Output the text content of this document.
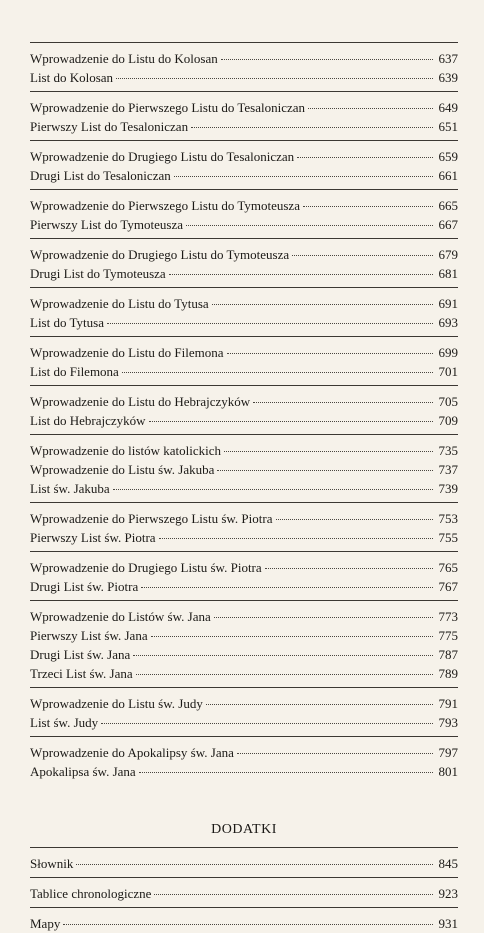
Wprowadzenie do Listu do Kolosan	637
List do Kolosan	639
Wprowadzenie do Pierwszego Listu do Tesaloniczan	649
Pierwszy List do Tesaloniczan	651
Wprowadzenie do Drugiego Listu do Tesaloniczan	659
Drugi List do Tesaloniczan	661
Wprowadzenie do Pierwszego Listu do Tymoteusza	665
Pierwszy List do Tymoteusza	667
Wprowadzenie do Drugiego Listu do Tymoteusza	679
Drugi List do Tymoteusza	681
Wprowadzenie do Listu do Tytusa	691
List do Tytusa	693
Wprowadzenie do Listu do Filemona	699
List do Filemona	701
Wprowadzenie do Listu do Hebrajczyków	705
List do Hebrajczyków	709
Wprowadzenie do listów katolickich	735
Wprowadzenie do Listu św. Jakuba	737
List św. Jakuba	739
Wprowadzenie do Pierwszego Listu św. Piotra	753
Pierwszy List św. Piotra	755
Wprowadzenie do Drugiego Listu św. Piotra	765
Drugi List św. Piotra	767
Wprowadzenie do Listów św. Jana	773
Pierwszy List św. Jana	775
Drugi List św. Jana	787
Trzeci List św. Jana	789
Wprowadzenie do Listu św. Judy	791
List św. Judy	793
Wprowadzenie do Apokalipsy św. Jana	797
Apokalipsa św. Jana	801
DODATKI
Słownik	845
Tablice chronologiczne	923
Mapy	931
